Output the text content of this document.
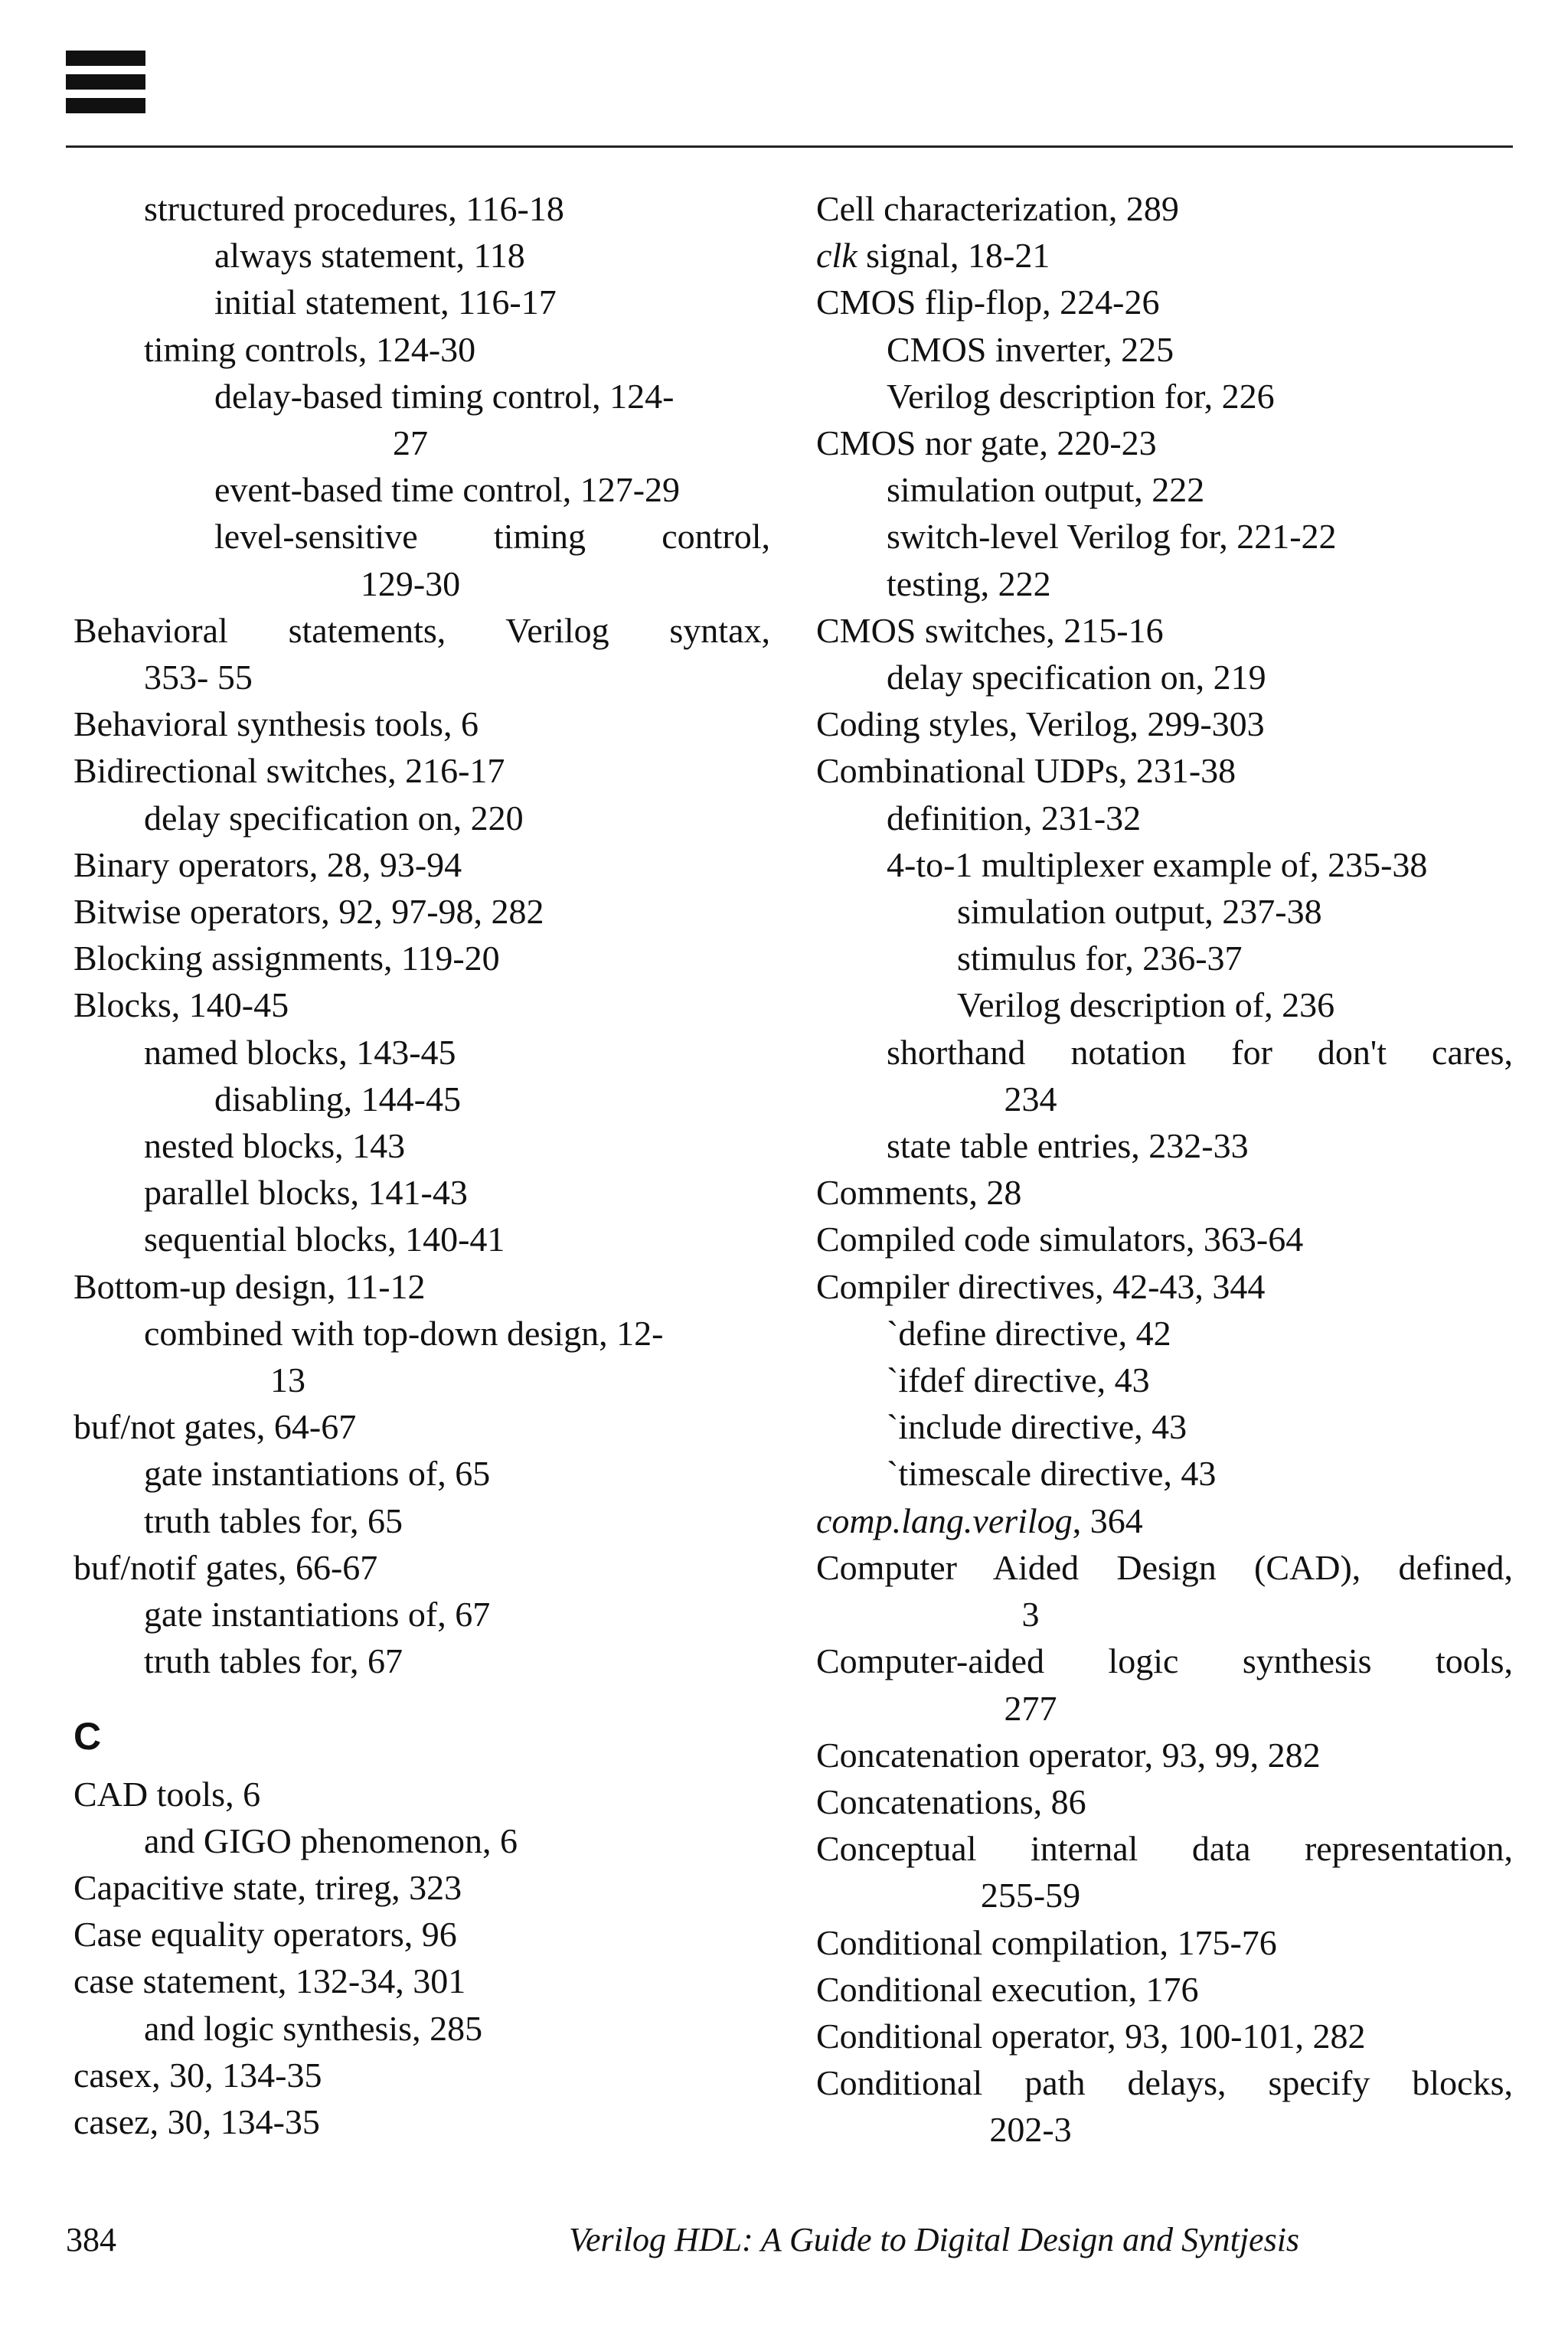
structured procedures, 116-18
always statement, 118
initial statement, 116-17
timing controls, 124-30
delay-based timing control, 124-
27
event-based time control, 127-29
level-sensitive timing control,
129-30
Behavioral statements, Verilog syntax,
353- 55
Behavioral synthesis tools, 6
Bidirectional switches, 216-17
delay specification on, 220
Binary operators, 28, 93-94
Bitwise operators, 92, 97-98, 282
Blocking assignments, 119-20
Blocks, 140-45
named blocks, 143-45
disabling, 144-45
nested blocks, 143
parallel blocks, 141-43
sequential blocks, 140-41
Bottom-up design, 11-12
combined with top-down design, 12-
13
buf/not gates, 64-67
gate instantiations of, 65
truth tables for, 65
buf/notif gates, 66-67
gate instantiations of, 67
truth tables for, 67
C
CAD tools, 6
and GIGO phenomenon, 6
Capacitive state, trireg, 323
Case equality operators, 96
case statement, 132-34, 301
and logic synthesis, 285
casex, 30, 134-35
casez, 30, 134-35
Cell characterization, 289
clk signal, 18-21
CMOS flip-flop, 224-26
CMOS inverter, 225
Verilog description for, 226
CMOS nor gate, 220-23
simulation output, 222
switch-level Verilog for, 221-22
testing, 222
CMOS switches, 215-16
delay specification on, 219
Coding styles, Verilog, 299-303
Combinational UDPs, 231-38
definition, 231-32
4-to-1 multiplexer example of, 235-38
simulation output, 237-38
stimulus for, 236-37
Verilog description of, 236
shorthand notation for don't cares,
234
state table entries, 232-33
Comments, 28
Compiled code simulators, 363-64
Compiler directives, 42-43, 344
`define directive, 42
`ifdef directive, 43
`include directive, 43
`timescale directive, 43
comp.lang.verilog, 364
Computer Aided Design (CAD), defined,
3
Computer-aided logic synthesis tools,
277
Concatenation operator, 93, 99, 282
Concatenations, 86
Conceptual internal data representation,
255-59
Conditional compilation, 175-76
Conditional execution, 176
Conditional operator, 93, 100-101, 282
Conditional path delays, specify blocks,
202-3
384	Verilog HDL: A Guide to Digital Design and Syntjesis
